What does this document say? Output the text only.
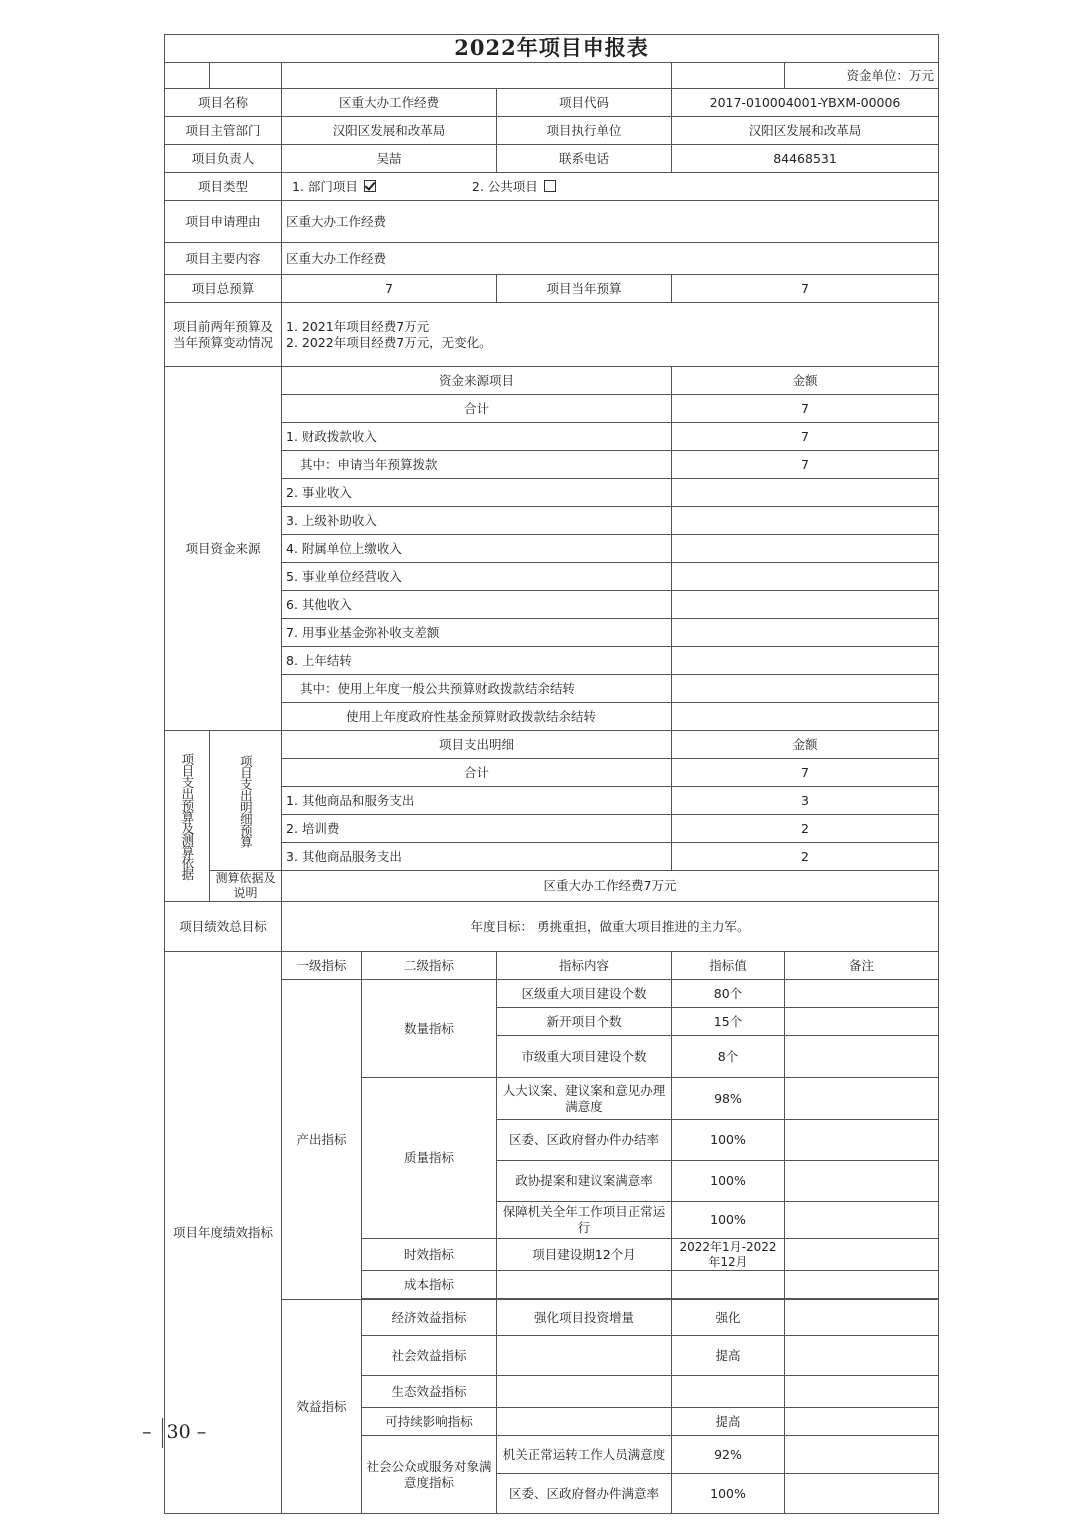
2022年项目申报表						
						资金单位：万元
项目名称		区重大办工作经费		项目代码	2017-010004001-YBXM-00006	
项目主管部门		汉阳区发展和改革局		项目执行单位	汉阳区发展和改革局	
项目负责人		吴喆		联系电话	84468531	
项目类型		1. 部门项目 2. 公共项目				
项目申请理由		区重大办工作经费				
项目主要内容		区重大办工作经费				
项目总预算		7		项目当年预算	7	
项目前两年预算及当年预算变动情况		1. 2021年项目经费7万元
2. 2022年项目经费7万元，无变化。				

项目资金来源		资金来源项目			金额	
		合计			7	
		1. 财政拨款收入			7	
		其中：申请当年预算拨款			7	
		2. 事业收入				
		3. 上级补助收入				
		4. 附属单位上缴收入				
		5. 事业单位经营收入				
		6. 其他收入				
		7. 用事业基金弥补收支差额				
		8. 上年结转				
		其中：使用上年度一般公共预算财政拨款结余结转				
		使用上年度政府性基金预算财政拨款结余结转				

项目支出预算及测算依据	项目支出明细预算	项目支出明细			金额	
		合计			7	
		1. 其他商品和服务支出			3	
		2. 培训费			2	
		3. 其他商品服务支出			2	
	测算依据及说明	区重大办工作经费7万元				
项目绩效总目标		年度目标： 勇挑重担，做重大项目推进的主力军。				
项目年度绩效指标		一级指标	二级指标	指标内容	指标值	备注
		产出指标	数量指标	区级重大项目建设个数	80个	
				新开项目个数	15个	
				市级重大项目建设个数	8个	
			质量指标	人大议案、建议案和意见办理满意度	98%	
				区委、区政府督办件办结率	100%	
				政协提案和建议案满意率	100%	
				保障机关全年工作项目正常运行	100%	
			时效指标	项目建设期12个月	2022年1月-2022年12月	
			成本指标			

		效益指标	经济效益指标	强化项目投资增量	强化	
			社会效益指标		提高	
			生态效益指标			
			可持续影响指标		提高	
			社会公众或服务对象满意度指标	机关正常运转工作人员满意度	92%	
				区委、区政府督办件满意率	100%	
– 30 –
